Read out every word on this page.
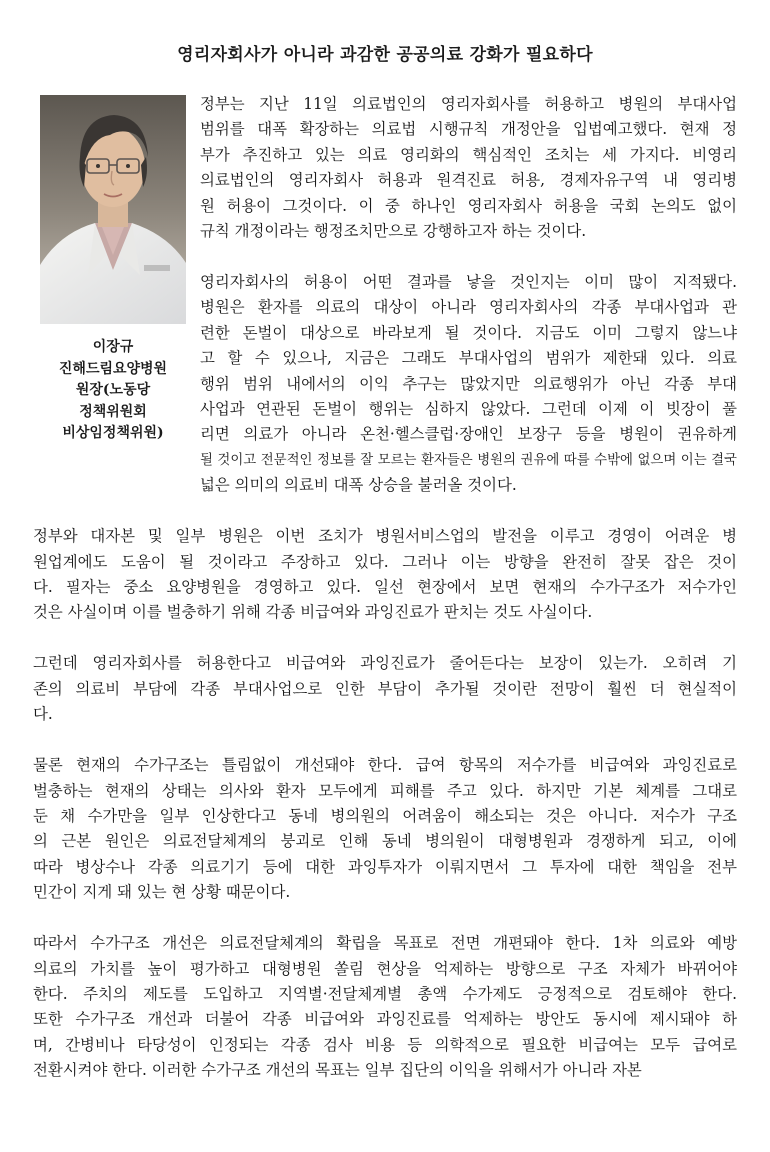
영리자회사가 아니라 과감한 공공의료 강화가 필요하다
이장규
진해드림요양병원
원장(노동당
정책위원회
비상임정책위원)
정부는 지난 11일 의료법인의 영리자회사를 허용하고 병원의 부대사업
범위를 대폭 확장하는 의료법 시행규칙 개정안을 입법예고했다. 현재 정
부가 추진하고 있는 의료 영리화의 핵심적인 조치는 세 가지다. 비영리
의료법인의 영리자회사 허용과 원격진료 허용, 경제자유구역 내 영리병
원 허용이 그것이다. 이 중 하나인 영리자회사 허용을 국회 논의도 없이
규칙 개정이라는 행정조치만으로 강행하고자 하는 것이다.
영리자회사의 허용이 어떤 결과를 낳을 것인지는 이미 많이 지적됐다.
병원은 환자를 의료의 대상이 아니라 영리자회사의 각종 부대사업과 관
련한 돈벌이 대상으로 바라보게 될 것이다. 지금도 이미 그렇지 않느냐
고 할 수 있으나, 지금은 그래도 부대사업의 범위가 제한돼 있다. 의료
행위 범위 내에서의 이익 추구는 많았지만 의료행위가 아닌 각종 부대
사업과 연관된 돈벌이 행위는 심하지 않았다. 그런데 이제 이 빗장이 풀
리면 의료가 아니라 온천·헬스클럽·장애인 보장구 등을 병원이 권유하게
될 것이고 전문적인 정보를 잘 모르는 환자들은 병원의 권유에 따를 수밖에 없으며 이는 결국
넓은 의미의 의료비 대폭 상승을 불러올 것이다.
정부와 대자본 및 일부 병원은 이번 조치가 병원서비스업의 발전을 이루고 경영이 어려운 병
원업계에도 도움이 될 것이라고 주장하고 있다. 그러나 이는 방향을 완전히 잘못 잡은 것이
다. 필자는 중소 요양병원을 경영하고 있다. 일선 현장에서 보면 현재의 수가구조가 저수가인
것은 사실이며 이를 벌충하기 위해 각종 비급여와 과잉진료가 판치는 것도 사실이다.
그런데 영리자회사를 허용한다고 비급여와 과잉진료가 줄어든다는 보장이 있는가. 오히려 기
존의 의료비 부담에 각종 부대사업으로 인한 부담이 추가될 것이란 전망이 훨씬 더 현실적이
다.
물론 현재의 수가구조는 틀림없이 개선돼야 한다. 급여 항목의 저수가를 비급여와 과잉진료로
벌충하는 현재의 상태는 의사와 환자 모두에게 피해를 주고 있다. 하지만 기본 체계를 그대로
둔 채 수가만을 일부 인상한다고 동네 병의원의 어려움이 해소되는 것은 아니다. 저수가 구조
의 근본 원인은 의료전달체계의 붕괴로 인해 동네 병의원이 대형병원과 경쟁하게 되고, 이에
따라 병상수나 각종 의료기기 등에 대한 과잉투자가 이뤄지면서 그 투자에 대한 책임을 전부
민간이 지게 돼 있는 현 상황 때문이다.
따라서 수가구조 개선은 의료전달체계의 확립을 목표로 전면 개편돼야 한다. 1차 의료와 예방
의료의 가치를 높이 평가하고 대형병원 쏠림 현상을 억제하는 방향으로 구조 자체가 바뀌어야
한다. 주치의 제도를 도입하고 지역별·전달체계별 총액 수가제도 긍정적으로 검토해야 한다.
또한 수가구조 개선과 더불어 각종 비급여와 과잉진료를 억제하는 방안도 동시에 제시돼야 하
며, 간병비나 타당성이 인정되는 각종 검사 비용 등 의학적으로 필요한 비급여는 모두 급여로
전환시켜야 한다. 이러한 수가구조 개선의 목표는 일부 집단의 이익을 위해서가 아니라 자본
